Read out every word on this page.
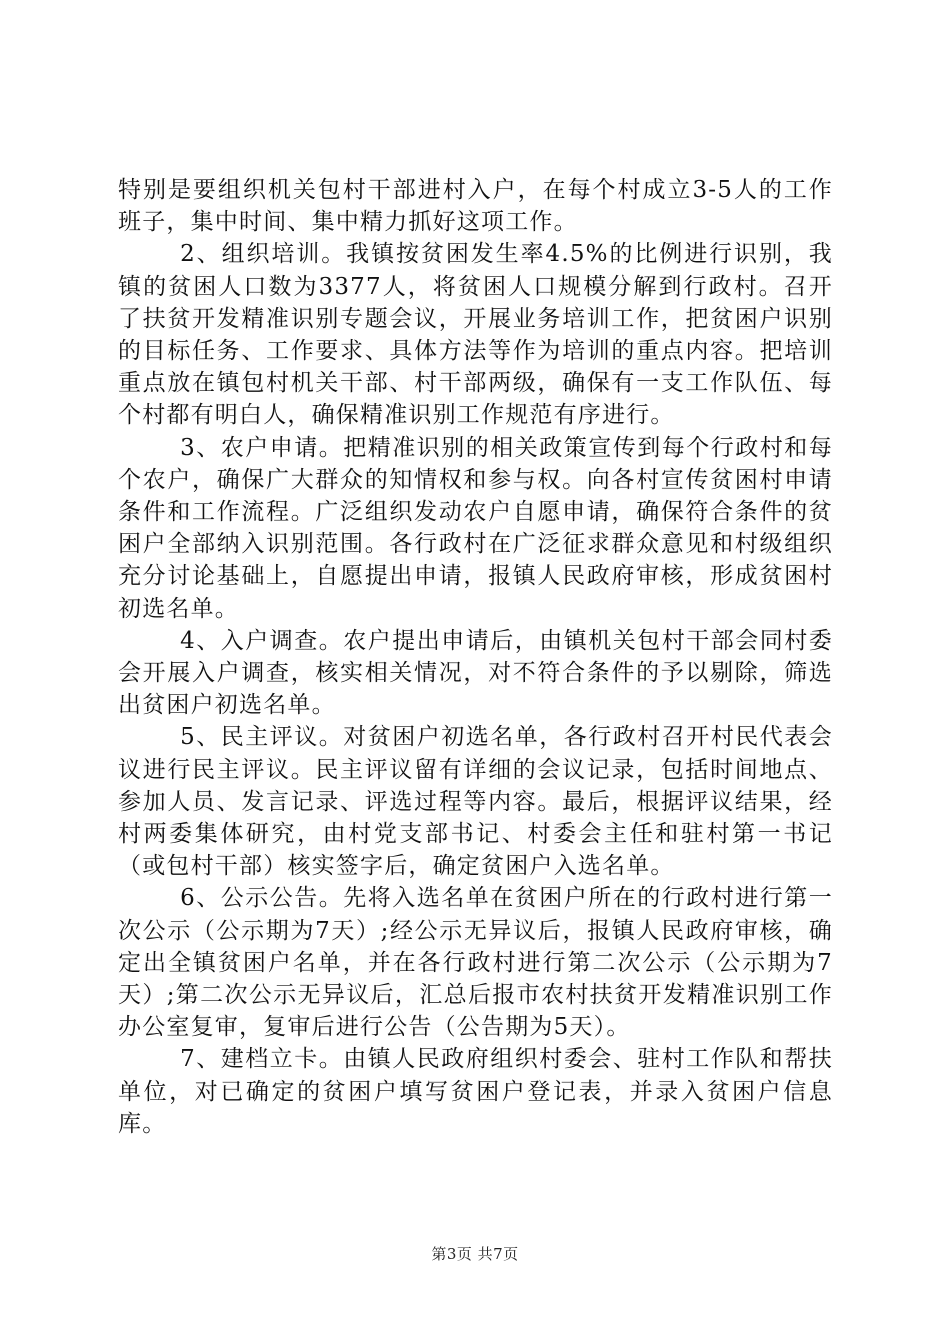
特别是要组织机关包村干部进村入户，在每个村成立3-5人的工作班子，集中时间、集中精力抓好这项工作。

2、组织培训。我镇按贫困发生率4.5%的比例进行识别，我镇的贫困人口数为3377人，将贫困人口规模分解到行政村。召开了扶贫开发精准识别专题会议，开展业务培训工作，把贫困户识别的目标任务、工作要求、具体方法等作为培训的重点内容。把培训重点放在镇包村机关干部、村干部两级，确保有一支工作队伍、每个村都有明白人，确保精准识别工作规范有序进行。

3、农户申请。把精准识别的相关政策宣传到每个行政村和每个农户，确保广大群众的知情权和参与权。向各村宣传贫困村申请条件和工作流程。广泛组织发动农户自愿申请，确保符合条件的贫困户全部纳入识别范围。各行政村在广泛征求群众意见和村级组织充分讨论基础上，自愿提出申请，报镇人民政府审核，形成贫困村初选名单。

4、入户调查。农户提出申请后，由镇机关包村干部会同村委会开展入户调查，核实相关情况，对不符合条件的予以剔除，筛选出贫困户初选名单。

5、民主评议。对贫困户初选名单，各行政村召开村民代表会议进行民主评议。民主评议留有详细的会议记录，包括时间地点、参加人员、发言记录、评选过程等内容。最后，根据评议结果，经村两委集体研究，由村党支部书记、村委会主任和驻村第一书记（或包村干部）核实签字后，确定贫困户入选名单。

6、公示公告。先将入选名单在贫困户所在的行政村进行第一次公示（公示期为7天）;经公示无异议后，报镇人民政府审核，确定出全镇贫困户名单，并在各行政村进行第二次公示（公示期为7天）;第二次公示无异议后，汇总后报市农村扶贫开发精准识别工作办公室复审，复审后进行公告（公告期为5天）。

7、建档立卡。由镇人民政府组织村委会、驻村工作队和帮扶单位，对已确定的贫困户填写贫困户登记表，并录入贫困户信息库。

第3页 共7页
